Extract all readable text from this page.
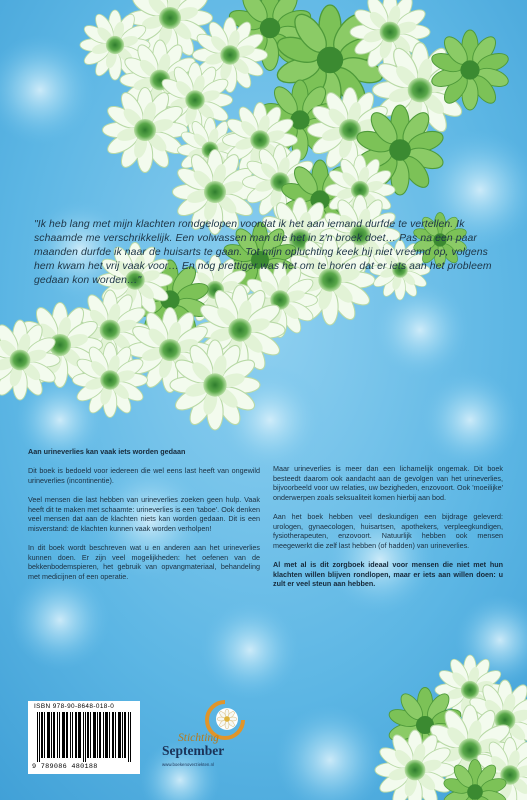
"Ik heb lang met mijn klachten rondgelopen voordat ik het aan iemand durfde te vertellen. Ik schaamde me verschrikkelijk. Een volwassen man die het in z'n broek doet… Pas na een paar maanden durfde ik naar de huisarts te gaan. Tot mijn opluchting keek hij niet vreemd op, volgens hem kwam het vrij vaak voor… En nóg prettiger was het om te horen dat er iets aan het probleem gedaan kon worden…"

Aan urineverlies kan vaak iets worden gedaan

Dit boek is bedoeld voor iedereen die wel eens last heeft van ongewild urineverlies (incontinentie).

Veel mensen die last hebben van urineverlies zoeken geen hulp. Vaak heeft dit te maken met schaamte: urineverlies is een 'taboe'. Ook denken veel mensen dat aan de klachten niets kan worden gedaan. Dit is een misverstand: de klachten kunnen vaak worden verholpen!

In dit boek wordt beschreven wat u en anderen aan het urineverlies kunnen doen. Er zijn veel mogelijkheden: het oefenen van de bekkenbodemspieren, het gebruik van opvangmateriaal, behandeling met medicijnen of een operatie.

Maar urineverlies is meer dan een lichamelijk ongemak. Dit boek besteedt daarom ook aandacht aan de gevolgen van het urineverlies, bijvoorbeeld voor uw relaties, uw bezigheden, enzovoort. Ook 'moeilijke' onderwerpen zoals seksualiteit komen hierbij aan bod.

Aan het boek hebben veel deskundigen een bijdrage geleverd: urologen, gynaecologen, huisartsen, apothekers, verpleegkundigen, fysiotherapeuten, enzovoort. Natuurlijk hebben ook mensen meegewerkt die zelf last hebben (of hadden) van urineverlies.

Al met al is dit zorgboek ideaal voor mensen die niet met hun klachten willen blijven rondlopen, maar er iets aan willen doen: u zult er veel steun aan hebben.

ISBN 978-90-8648-018-0
9 789086 480188
Stichting
September
www.boekenoverziekten.nl
